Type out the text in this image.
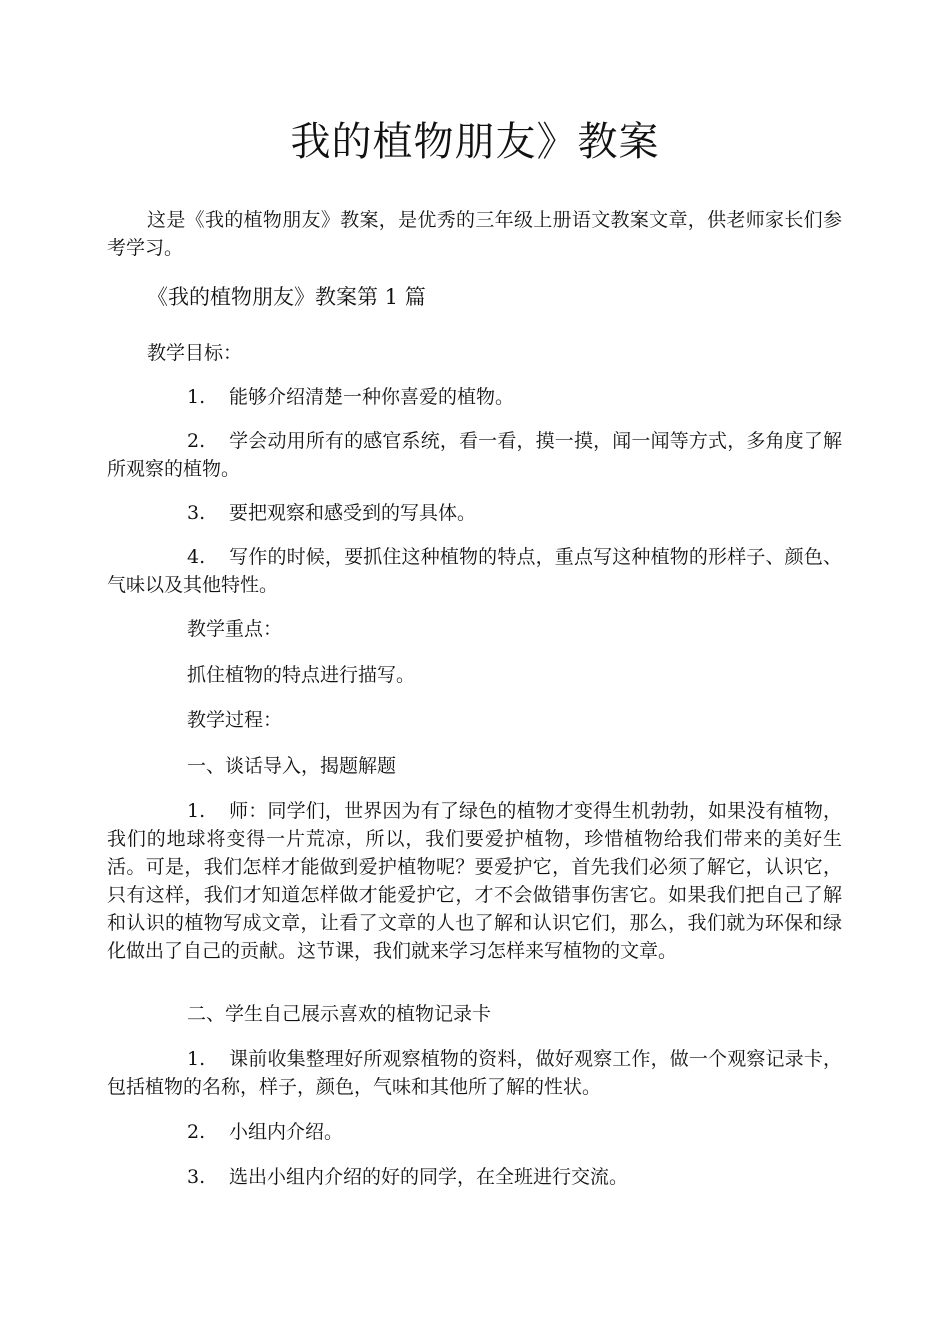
我的植物朋友》教案

这是《我的植物朋友》教案，是优秀的三年级上册语文教案文章，供老师家长们参考学习。

《我的植物朋友》教案第 1 篇

教学目标：

1. 能够介绍清楚一种你喜爱的植物。

2. 学会动用所有的感官系统，看一看，摸一摸，闻一闻等方式，多角度了解所观察的植物。

3. 要把观察和感受到的写具体。

4. 写作的时候，要抓住这种植物的特点，重点写这种植物的形样子、颜色、气味以及其他特性。

教学重点：

抓住植物的特点进行描写。

教学过程：

一、谈话导入，揭题解题

1. 师：同学们，世界因为有了绿色的植物才变得生机勃勃，如果没有植物，我们的地球将变得一片荒凉，所以，我们要爱护植物，珍惜植物给我们带来的美好生活。可是，我们怎样才能做到爱护植物呢？要爱护它，首先我们必须了解它，认识它，只有这样，我们才知道怎样做才能爱护它，才不会做错事伤害它。如果我们把自己了解和认识的植物写成文章，让看了文章的人也了解和认识它们，那么，我们就为环保和绿化做出了自己的贡献。这节课，我们就来学习怎样来写植物的文章。

二、学生自己展示喜欢的植物记录卡

1. 课前收集整理好所观察植物的资料，做好观察工作，做一个观察记录卡，包括植物的名称，样子，颜色，气味和其他所了解的性状。

2. 小组内介绍。

3. 选出小组内介绍的好的同学，在全班进行交流。
